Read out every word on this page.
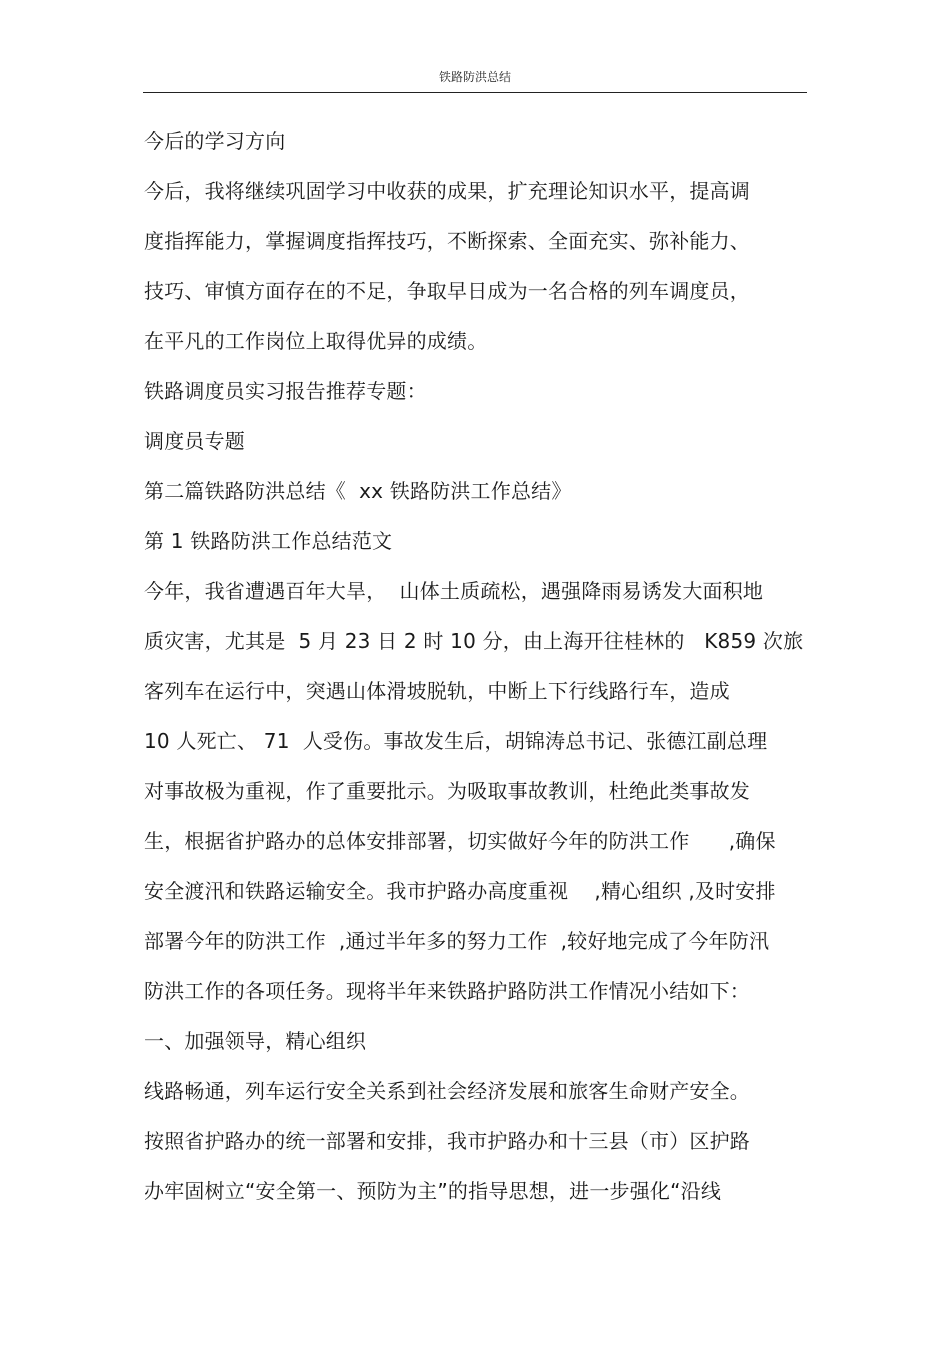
铁路防洪总结
今后的学习方向
今后，我将继续巩固学习中收获的成果，扩充理论知识水平，提高调
度指挥能力，掌握调度指挥技巧，不断探索、全面充实、弥补能力、
技巧、审慎方面存在的不足，争取早日成为一名合格的列车调度员，
在平凡的工作岗位上取得优异的成绩。
铁路调度员实习报告推荐专题：
调度员专题
第二篇铁路防洪总结《  xx 铁路防洪工作总结》
第 1 铁路防洪工作总结范文
今年，我省遭遇百年大旱，  山体土质疏松，遇强降雨易诱发大面积地
质灾害，尤其是  5 月 23 日 2 时 10 分，由上海开往桂林的   K859 次旅
客列车在运行中，突遇山体滑坡脱轨，中断上下行线路行车，造成
10 人死亡、 71  人受伤。事故发生后，胡锦涛总书记、张德江副总理
对事故极为重视，作了重要批示。为吸取事故教训，杜绝此类事故发
生，根据省护路办的总体安排部署，切实做好今年的防洪工作      ,确保
安全渡汛和铁路运输安全。我市护路办高度重视    ,精心组织 ,及时安排
部署今年的防洪工作  ,通过半年多的努力工作  ,较好地完成了今年防汛
防洪工作的各项任务。现将半年来铁路护路防洪工作情况小结如下：
一、加强领导，精心组织
线路畅通，列车运行安全关系到社会经济发展和旅客生命财产安全。
按照省护路办的统一部署和安排，我市护路办和十三县（市）区护路
办牢固树立“安全第一、预防为主”的指导思想，进一步强化“沿线
